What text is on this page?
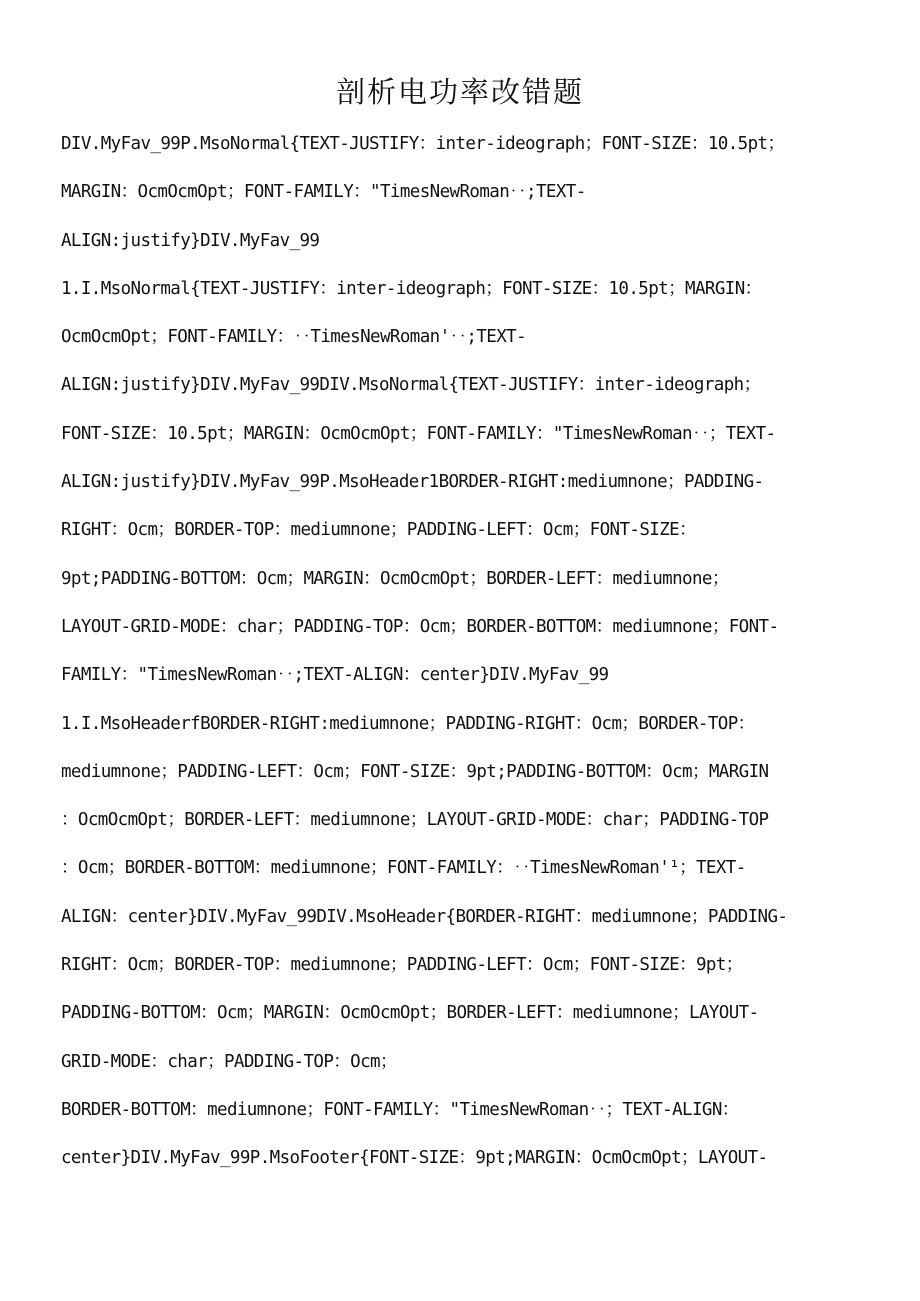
剖析电功率改错题
DIV.MyFav_99P.MsoNormal{TEXT-JUSTIFY：inter-ideograph；FONT-SIZE：10.5pt；
MARGIN：OcmOcmOpt；FONT-FAMILY："TimesNewRoman‥;TEXT-
ALIGN:justify}DIV.MyFav_99
1.I.MsoNormal{TEXT-JUSTIFY：inter-ideograph；FONT-SIZE：10.5pt；MARGIN：
OcmOcmOpt；FONT-FAMILY：‥TimesNewRoman'‥;TEXT-
ALIGN:justify}DIV.MyFav_99DIV.MsoNormal{TEXT-JUSTIFY：inter-ideograph；
FONT-SIZE：10.5pt；MARGIN：OcmOcmOpt；FONT-FAMILY："TimesNewRoman‥；TEXT-
ALIGN:justify}DIV.MyFav_99P.MsoHeader1BORDER-RIGHT:mediumnone；PADDING-
RIGHT：Ocm；BORDER-TOP：mediumnone；PADDING-LEFT：Ocm；FONT-SIZE：
9pt;PADDING-BOTTOM：Ocm；MARGIN：OcmOcmOpt；BORDER-LEFT：mediumnone；
LAYOUT-GRID-MODE：char；PADDING-TOP：Ocm；BORDER-BOTTOM：mediumnone；FONT-
FAMILY："TimesNewRoman‥;TEXT-ALIGN：center}DIV.MyFav_99
1.I.MsoHeaderfBORDER-RIGHT:mediumnone；PADDING-RIGHT：Ocm；BORDER-TOP：
mediumnone；PADDING-LEFT：Ocm；FONT-SIZE：9pt;PADDING-BOTTOM：Ocm；MARGIN
：OcmOcmOpt；BORDER-LEFT：mediumnone；LAYOUT-GRID-MODE：char；PADDING-TOP
：Ocm；BORDER-BOTTOM：mediumnone；FONT-FAMILY：‥TimesNewRoman'¹；TEXT-
ALIGN：center}DIV.MyFav_99DIV.MsoHeader{BORDER-RIGHT：mediumnone；PADDING-
RIGHT：Ocm；BORDER-TOP：mediumnone；PADDING-LEFT：Ocm；FONT-SIZE：9pt；
PADDING-BOTTOM：Ocm；MARGIN：OcmOcmOpt；BORDER-LEFT：mediumnone；LAYOUT-
GRID-MODE：char；PADDING-TOP：Ocm；
BORDER-BOTTOM：mediumnone；FONT-FAMILY："TimesNewRoman‥；TEXT-ALIGN：
center}DIV.MyFav_99P.MsoFooter{FONT-SIZE：9pt;MARGIN：OcmOcmOpt；LAYOUT-
